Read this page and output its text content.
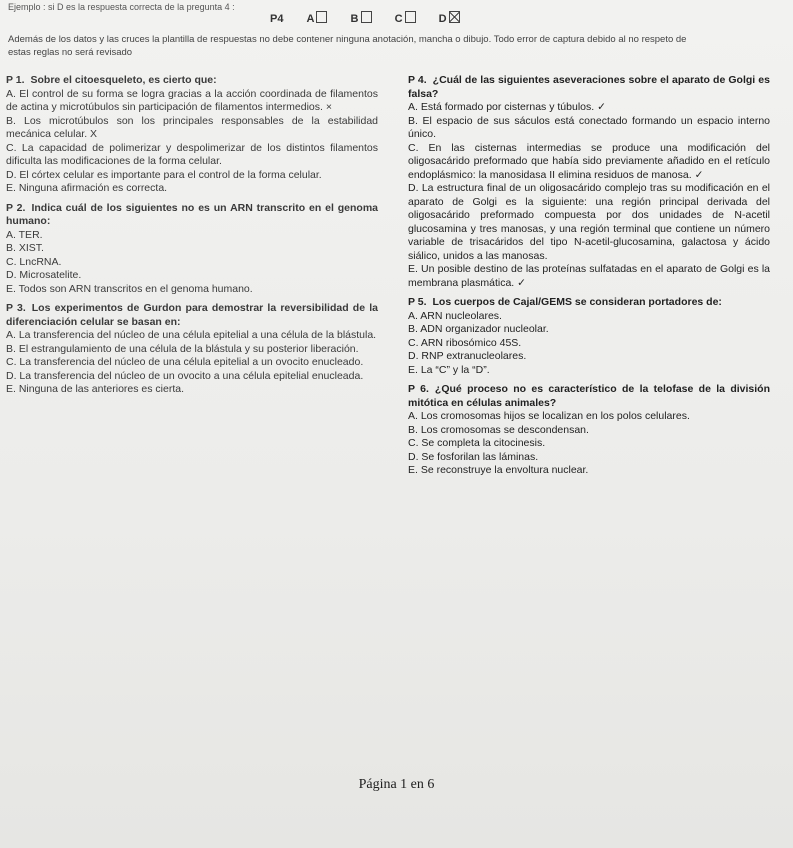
Ejemplo : si D es la respuesta correcta de la pregunta 4 :
P4 A	B	C	D
Además de los datos y las cruces la plantilla de respuestas no debe contener ninguna anotación, mancha o dibujo. Todo error de captura debido al no respeto de estas reglas no será revisado
P 1. Sobre el citoesqueleto, es cierto que:

A. El control de su forma se logra gracias a la acción coordinada de filamentos de actina y microtúbulos sin participación de filamentos intermedios. ×

B. Los microtúbulos son los principales responsables de la estabilidad mecánica celular. X

C. La capacidad de polimerizar y despolimerizar de los distintos filamentos dificulta las modificaciones de la forma celular.

D. El córtex celular es importante para el control de la forma celular.

E. Ninguna afirmación es correcta.

P 2. Indica cuál de los siguientes no es un ARN transcrito en el genoma humano:

A. TER.

B. XIST.

C. LncRNA.

D. Microsatelite.

E. Todos son ARN transcritos en el genoma humano.

P 3. Los experimentos de Gurdon para demostrar la reversibilidad de la diferenciación celular se basan en:

A. La transferencia del núcleo de una célula epitelial a una célula de la blástula.

B. El estrangulamiento de una célula de la blástula y su posterior liberación.

C. La transferencia del núcleo de una célula epitelial a un ovocito enucleado.

D. La transferencia del núcleo de un ovocito a una célula epitelial enucleada.

E. Ninguna de las anteriores es cierta.

P 4. ¿Cuál de las siguientes aseveraciones sobre el aparato de Golgi es falsa?

A. Está formado por cisternas y túbulos. ✓

B. El espacio de sus sáculos está conectado formando un espacio interno único.

C. En las cisternas intermedias se produce una modificación del oligosacárido preformado que había sido previamente añadido en el retículo endoplásmico: la manosidasa II elimina residuos de manosa. ✓

D. La estructura final de un oligosacárido complejo tras su modificación en el aparato de Golgi es la siguiente: una región principal derivada del oligosacárido preformado compuesta por dos unidades de N-acetil glucosamina y tres manosas, y una región terminal que contiene un número variable de trisacáridos del tipo N-acetil-glucosamina, galactosa y ácido siálico, unidos a las manosas.

E. Un posible destino de las proteínas sulfatadas en el aparato de Golgi es la membrana plasmática. ✓

P 5. Los cuerpos de Cajal/GEMS se consideran portadores de:

A. ARN nucleolares.

B. ADN organizador nucleolar.

C. ARN ribosómico 45S.

D. RNP extranucleolares.

E. La “C” y la “D”.

P 6. ¿Qué proceso no es característico de la telofase de la división mitótica en células animales?

A. Los cromosomas hijos se localizan en los polos celulares.

B. Los cromosomas se descondensan.

C. Se completa la citocinesis.

D. Se fosforilan las láminas.

E. Se reconstruye la envoltura nuclear.

Página 1 en 6
